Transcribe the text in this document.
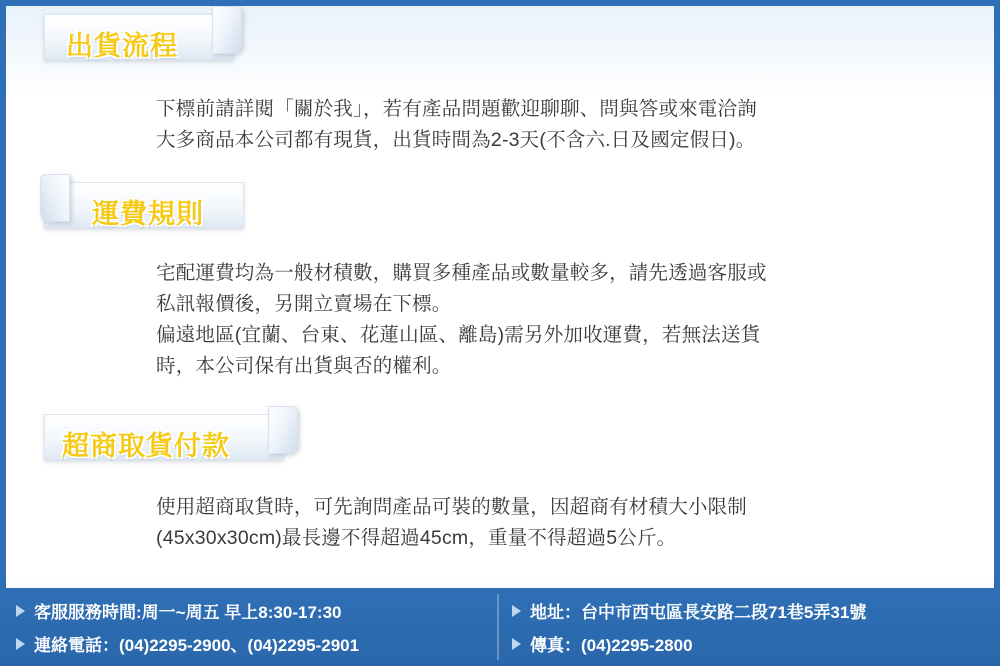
出貨流程
下標前請詳閱「關於我」，若有產品問題歡迎聊聊、問與答或來電洽詢
大多商品本公司都有現貨，出貨時間為2-3天(不含六.日及國定假日)。
運費規則
宅配運費均為一般材積數，購買多種產品或數量較多，請先透過客服或
私訊報價後，另開立賣場在下標。
偏遠地區(宜蘭、台東、花蓮山區、離島)需另外加收運費，若無法送貨
時，本公司保有出貨與否的權利。
超商取貨付款
使用超商取貨時，可先詢問產品可裝的數量，因超商有材積大小限制
(45x30x30cm)最長邊不得超過45cm，重量不得超過5公斤。
客服服務時間:周一~周五 早上8:30-17:30
連絡電話：(04)2295-2900、(04)2295-2901
地址：台中市西屯區長安路二段71巷5弄31號
傳真：(04)2295-2800
